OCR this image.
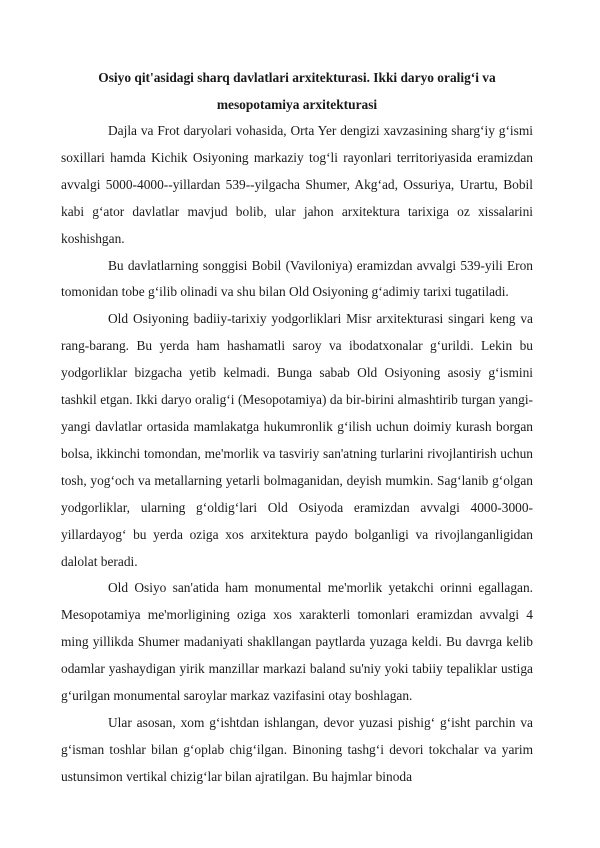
Osiyo qit'asidagi sharq davlatlari arxitekturasi. Ikki daryo oralig‘i va mesopotamiya arxitekturasi

Dajla va Frot daryolari vohasida, Orta Yer dengizi xavzasining sharg‘iy g‘ismi soxillari hamda Kichik Osiyoning markaziy tog‘li rayonlari territoriyasida eramizdan avvalgi 5000-4000--yillardan 539--yilgacha Shumer, Akg‘ad, Ossuriya, Urartu, Bobil kabi g‘ator davlatlar mavjud bolib, ular jahon arxitektura tarixiga oz xissalarini koshishgan.

Bu davlatlarning songgisi Bobil (Vaviloniya) eramizdan avvalgi 539-yili Eron tomonidan tobe g‘ilib olinadi va shu bilan Old Osiyoning g‘adimiy tarixi tugatiladi.

Old Osiyoning badiiy-tarixiy yodgorliklari Misr arxitekturasi singari keng va rang-barang. Bu yerda ham hashamatli saroy va ibodatxonalar g‘urildi. Lekin bu yodgorliklar bizgacha yetib kelmadi. Bunga sabab Old Osiyoning asosiy g‘ismini tashkil etgan. Ikki daryo oralig‘i (Mesopotamiya) da bir-birini almashtirib turgan yangi-yangi davlatlar ortasida mamlakatga hukumronlik g‘ilish uchun doimiy kurash borgan bolsa, ikkinchi tomondan, me'morlik va tasviriy san'atning turlarini rivojlantirish uchun tosh, yog‘och va metallarning yetarli bolmaganidan, deyish mumkin. Sag‘lanib g‘olgan yodgorliklar, ularning g‘oldig‘lari Old Osiyoda eramizdan avvalgi 4000-3000-yillardayog‘ bu yerda oziga xos arxitektura paydo bolganligi va rivojlanganligidan dalolat beradi.

Old Osiyo san'atida ham monumental me'morlik yetakchi orinni egallagan. Mesopotamiya me'morligining oziga xos xarakterli tomonlari eramizdan avvalgi 4 ming yillikda Shumer madaniyati shakllangan paytlarda yuzaga keldi. Bu davrga kelib odamlar yashaydigan yirik manzillar markazi baland su'niy yoki tabiiy tepaliklar ustiga g‘urilgan monumental saroylar markaz vazifasini otay boshlagan.

Ular asosan, xom g‘ishtdan ishlangan, devor yuzasi pishig‘ g‘isht parchin va g‘isman toshlar bilan g‘oplab chig‘ilgan. Binoning tashg‘i devori tokchalar va yarim ustunsimon vertikal chizig‘lar bilan ajratilgan. Bu hajmlar binoda
